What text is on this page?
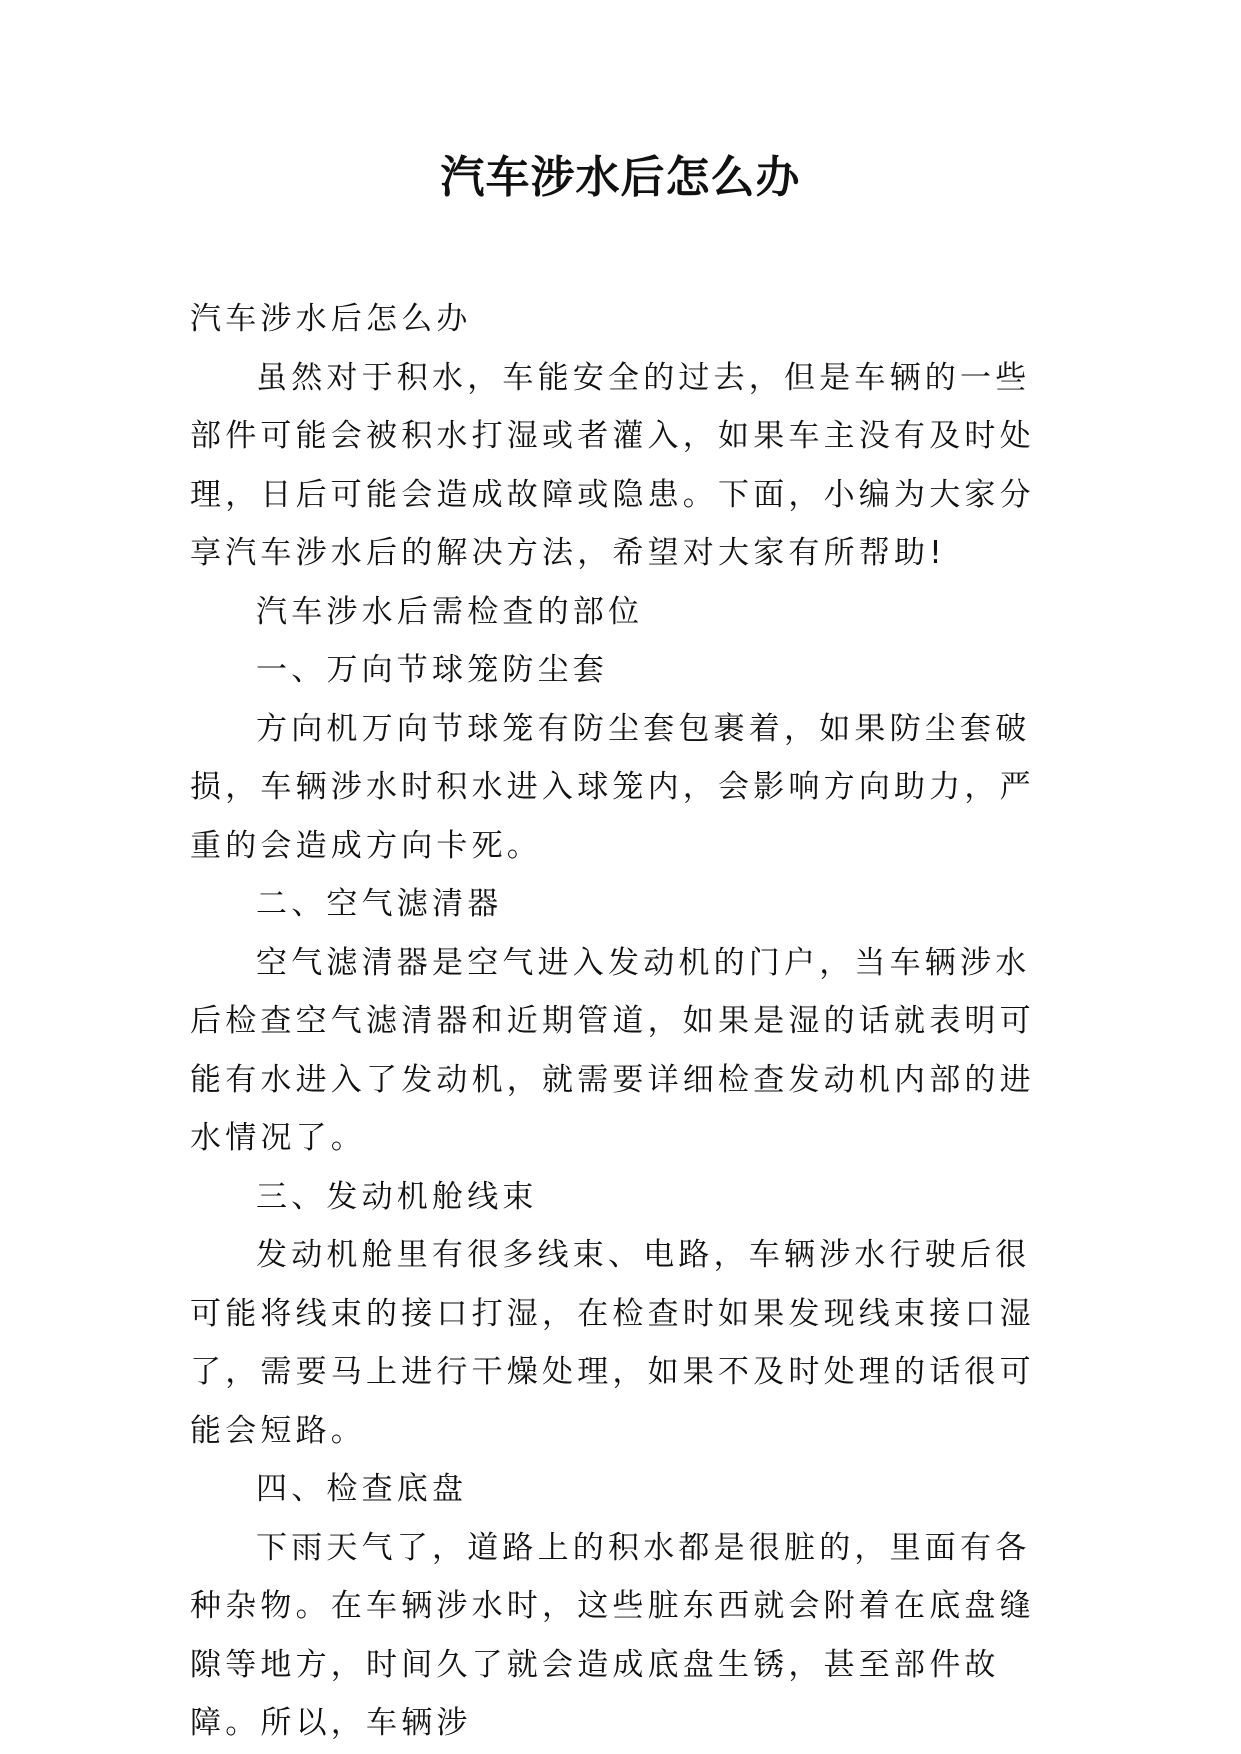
汽车涉水后怎么办

汽车涉水后怎么办

虽然对于积水，车能安全的过去，但是车辆的一些部件可能会被积水打湿或者灌入，如果车主没有及时处理，日后可能会造成故障或隐患。下面，小编为大家分享汽车涉水后的解决方法，希望对大家有所帮助!

汽车涉水后需检查的部位

一、万向节球笼防尘套

方向机万向节球笼有防尘套包裹着，如果防尘套破损，车辆涉水时积水进入球笼内，会影响方向助力，严重的会造成方向卡死。

二、空气滤清器

空气滤清器是空气进入发动机的门户，当车辆涉水后检查空气滤清器和近期管道，如果是湿的话就表明可能有水进入了发动机，就需要详细检查发动机内部的进水情况了。

三、发动机舱线束

发动机舱里有很多线束、电路，车辆涉水行驶后很可能将线束的接口打湿，在检查时如果发现线束接口湿了，需要马上进行干燥处理，如果不及时处理的话很可能会短路。

四、检查底盘

下雨天气了，道路上的积水都是很脏的，里面有各种杂物。在车辆涉水时，这些脏东西就会附着在底盘缝隙等地方，时间久了就会造成底盘生锈，甚至部件故障。所以，车辆涉
